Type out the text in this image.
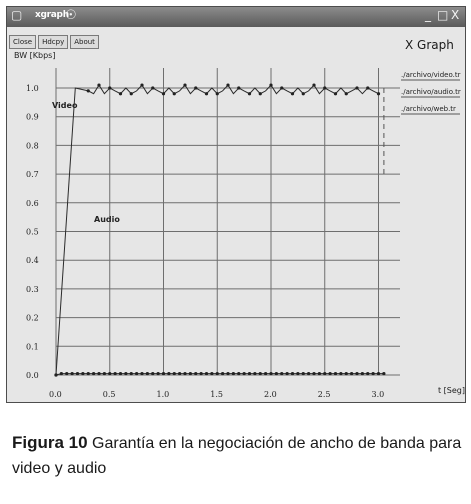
▢ xgraph
☉	_ □ X
Close Hdcpy About	X Graph
0.0
0.1
0.2
0.3
0.4
0.5
0.6
0.7
0.8
0.9
1.0
0.0	0.5	1.0	1.5	2.0	2.5	3.0
./archivo/video.tr
./archivo/audio.tr
./archivo/web.tr
BW [Kbps]
t [Seg]
Video
Audio
Figura 10 Garantía en la negociación de ancho de banda para video y audio
